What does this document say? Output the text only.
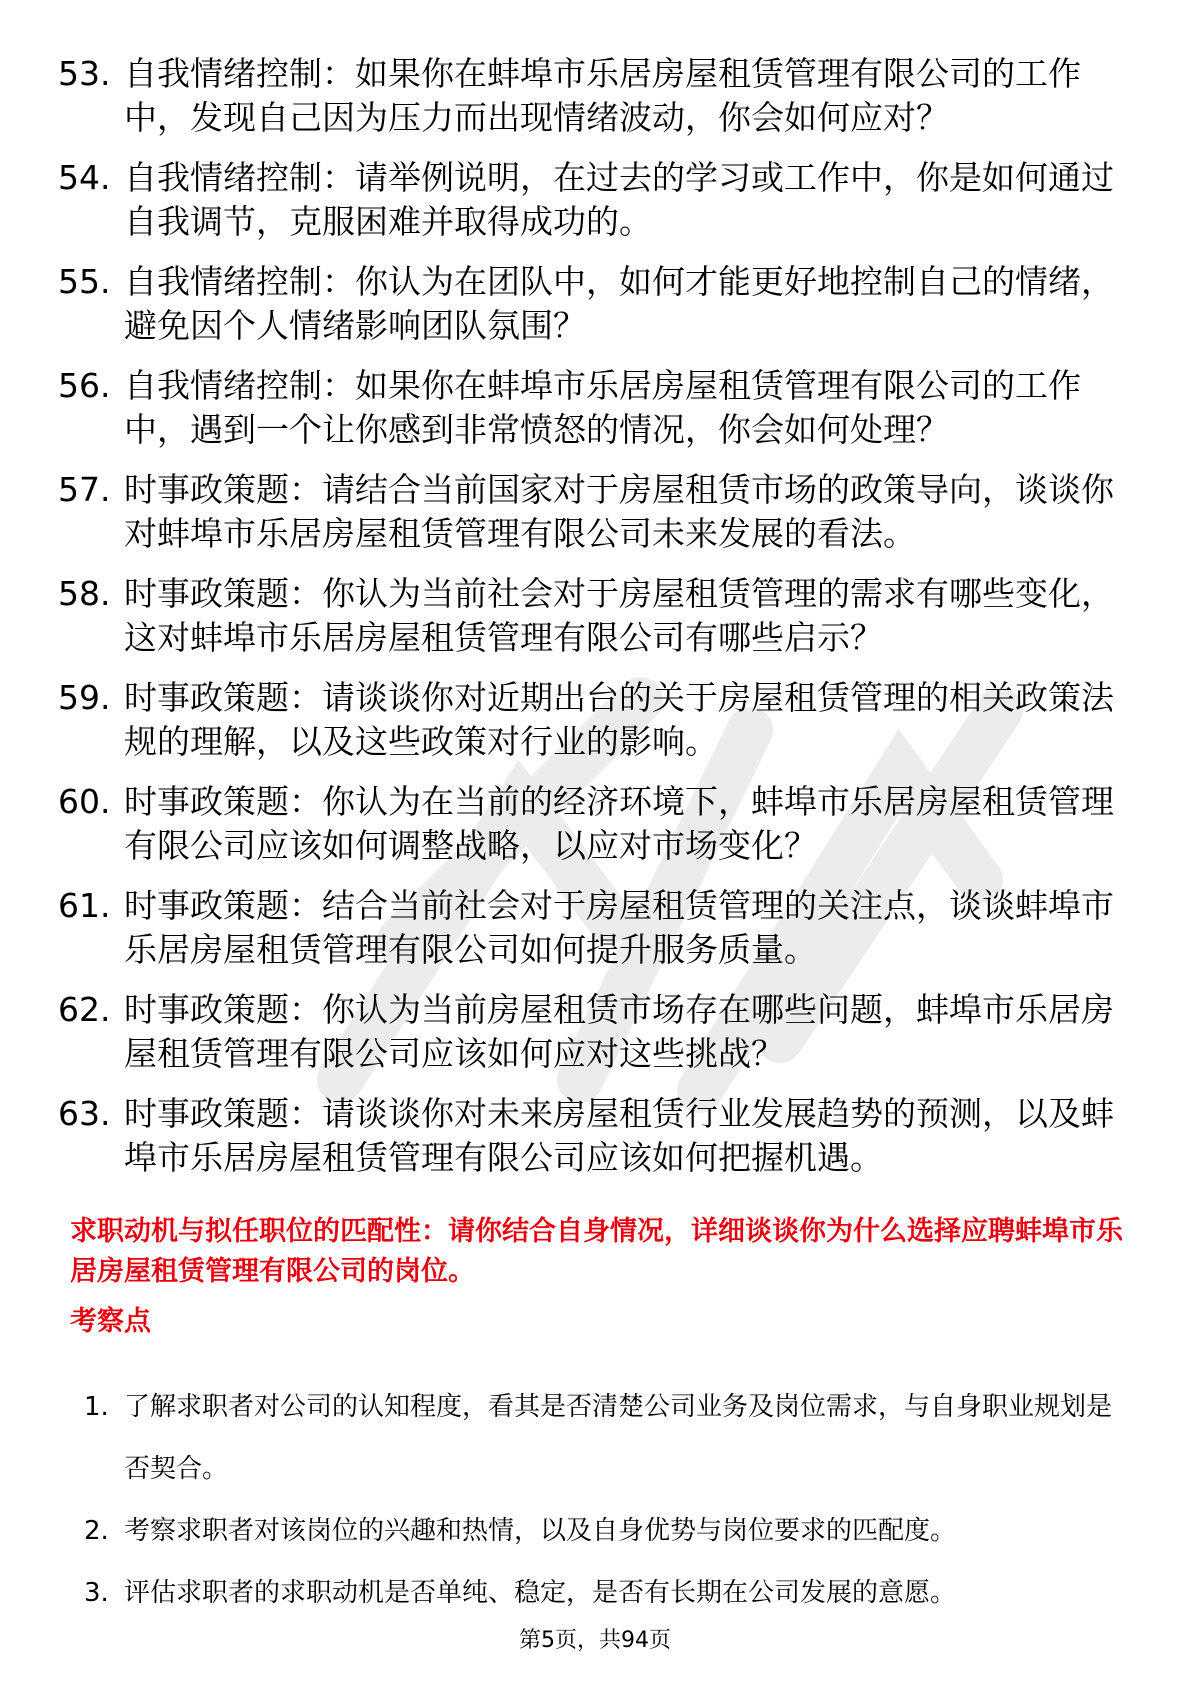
53. 自我情绪控制：如果你在蚌埠市乐居房屋租赁管理有限公司的工作中，发现自己因为压力而出现情绪波动，你会如何应对？
54. 自我情绪控制：请举例说明，在过去的学习或工作中，你是如何通过自我调节，克服困难并取得成功的。
55. 自我情绪控制：你认为在团队中，如何才能更好地控制自己的情绪，避免因个人情绪影响团队氛围？
56. 自我情绪控制：如果你在蚌埠市乐居房屋租赁管理有限公司的工作中，遇到一个让你感到非常愤怒的情况，你会如何处理？
57. 时事政策题：请结合当前国家对于房屋租赁市场的政策导向，谈谈你对蚌埠市乐居房屋租赁管理有限公司未来发展的看法。
58. 时事政策题：你认为当前社会对于房屋租赁管理的需求有哪些变化，这对蚌埠市乐居房屋租赁管理有限公司有哪些启示？
59. 时事政策题：请谈谈你对近期出台的关于房屋租赁管理的相关政策法规的理解，以及这些政策对行业的影响。
60. 时事政策题：你认为在当前的经济环境下，蚌埠市乐居房屋租赁管理有限公司应该如何调整战略，以应对市场变化？
61. 时事政策题：结合当前社会对于房屋租赁管理的关注点，谈谈蚌埠市乐居房屋租赁管理有限公司如何提升服务质量。
62. 时事政策题：你认为当前房屋租赁市场存在哪些问题，蚌埠市乐居房屋租赁管理有限公司应该如何应对这些挑战？
63. 时事政策题：请谈谈你对未来房屋租赁行业发展趋势的预测，以及蚌埠市乐居房屋租赁管理有限公司应该如何把握机遇。
求职动机与拟任职位的匹配性：请你结合自身情况，详细谈谈你为什么选择应聘蚌埠市乐居房屋租赁管理有限公司的岗位。
考察点
1. 了解求职者对公司的认知程度，看其是否清楚公司业务及岗位需求，与自身职业规划是否契合。
2. 考察求职者对该岗位的兴趣和热情，以及自身优势与岗位要求的匹配度。
3. 评估求职者的求职动机是否单纯、稳定，是否有长期在公司发展的意愿。
第5页，共94页
